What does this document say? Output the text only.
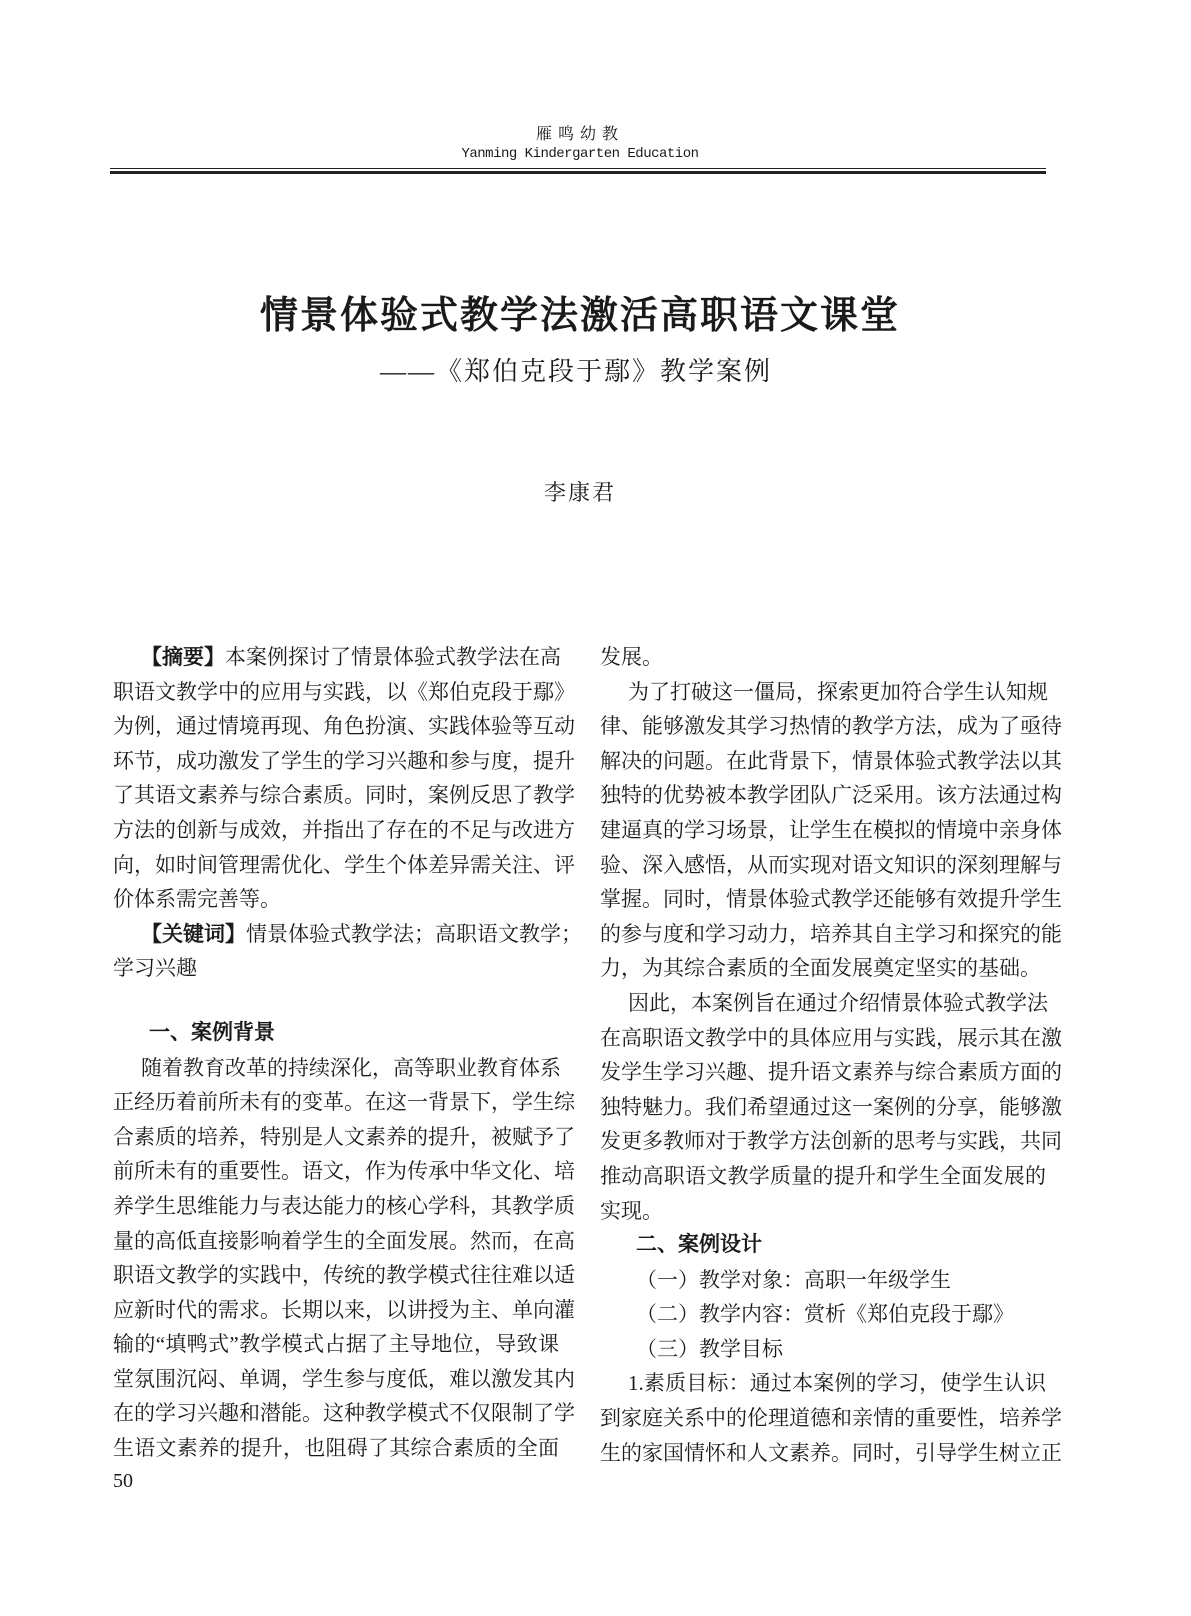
雁鸣幼教
Yanming Kindergarten Education
情景体验式教学法激活高职语文课堂
——《郑伯克段于鄢》教学案例
李康君
【摘要】本案例探讨了情景体验式教学法在高
职语文教学中的应用与实践，以《郑伯克段于鄢》
为例，通过情境再现、角色扮演、实践体验等互动
环节，成功激发了学生的学习兴趣和参与度，提升
了其语文素养与综合素质。同时，案例反思了教学
方法的创新与成效，并指出了存在的不足与改进方
向，如时间管理需优化、学生个体差异需关注、评
价体系需完善等。
【关键词】情景体验式教学法；高职语文教学；
学习兴趣
一、案例背景
随着教育改革的持续深化，高等职业教育体系
正经历着前所未有的变革。在这一背景下，学生综
合素质的培养，特别是人文素养的提升，被赋予了
前所未有的重要性。语文，作为传承中华文化、培
养学生思维能力与表达能力的核心学科，其教学质
量的高低直接影响着学生的全面发展。然而，在高
职语文教学的实践中，传统的教学模式往往难以适
应新时代的需求。长期以来，以讲授为主、单向灌
输的“填鸭式”教学模式占据了主导地位，导致课
堂氛围沉闷、单调，学生参与度低，难以激发其内
在的学习兴趣和潜能。这种教学模式不仅限制了学
生语文素养的提升，也阻碍了其综合素质的全面
发展。
为了打破这一僵局，探索更加符合学生认知规
律、能够激发其学习热情的教学方法，成为了亟待
解决的问题。在此背景下，情景体验式教学法以其
独特的优势被本教学团队广泛采用。该方法通过构
建逼真的学习场景，让学生在模拟的情境中亲身体
验、深入感悟，从而实现对语文知识的深刻理解与
掌握。同时，情景体验式教学还能够有效提升学生
的参与度和学习动力，培养其自主学习和探究的能
力，为其综合素质的全面发展奠定坚实的基础。
因此，本案例旨在通过介绍情景体验式教学法
在高职语文教学中的具体应用与实践，展示其在激
发学生学习兴趣、提升语文素养与综合素质方面的
独特魅力。我们希望通过这一案例的分享，能够激
发更多教师对于教学方法创新的思考与实践，共同
推动高职语文教学质量的提升和学生全面发展的
实现。
二、案例设计
（一）教学对象：高职一年级学生
（二）教学内容：赏析《郑伯克段于鄢》
（三）教学目标
1.素质目标：通过本案例的学习，使学生认识
到家庭关系中的伦理道德和亲情的重要性，培养学
生的家国情怀和人文素养。同时，引导学生树立正
50
